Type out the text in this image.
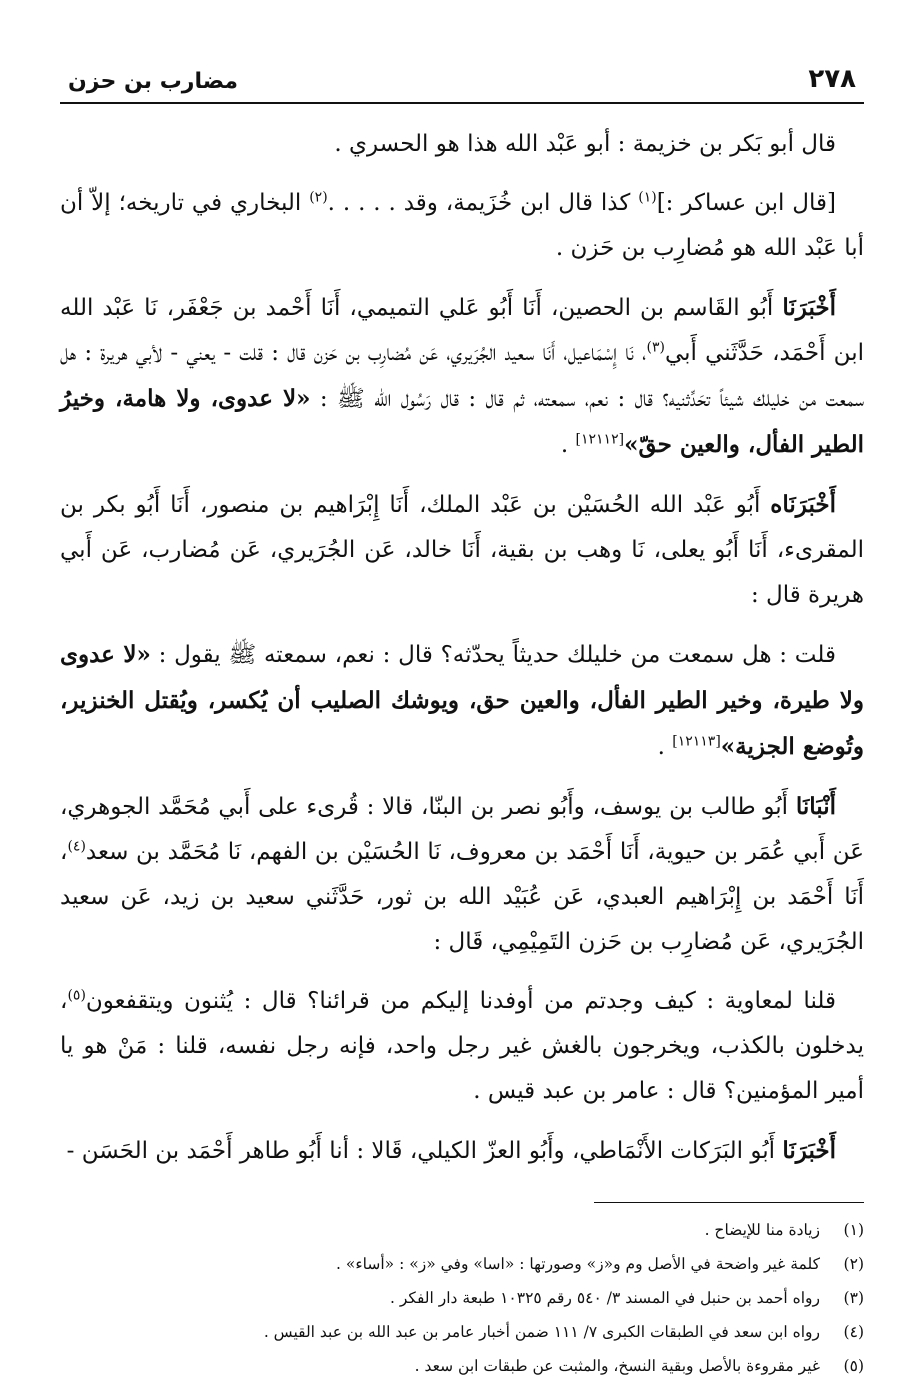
٢٧٨
مضارب بن حزن

قال أبو بَكر بن خزيمة : أبو عَبْد الله هذا هو الحسري .

[قال ابن عساكر :]$^{(١)}$ كذا قال ابن خُزَيمة، وقد . . . . .$^{(٢)}$ البخاري في تاريخه؛ إلاّ أن أبا عَبْد الله هو مُضارِب بن حَزن .

أَخْبَرَنَا أَبُو القَاسم بن الحصين، أَنَا أَبُو عَلي التميمي، أَنَا أَحْمد بن جَعْفَر، نَا عَبْد الله ابن أَحْمَد، حَدَّثَني أَبي$^{(٣)}$، نَا إِسْمَاعيل، أَنَا سعيد الجُرَيري، عَن مُضارِب بن حَزن قال : قلت - يعني - لأبي هريرة : هل سمعت من خليلك شيئاً تحَدِّثنيه؟ قال : نعم، سمعته، ثم قال : قال رَسُول الله ﷺ : «لا عدوى، ولا هامة، وخيرُ الطير الفأل، والعين حقّ»[١٢١١٢] .

أَخْبَرَنَاه أَبُو عَبْد الله الحُسَيْن بن عَبْد الملك، أَنَا إِبْرَاهيم بن منصور، أَنَا أَبُو بكر بن المقرىء، أَنَا أَبُو يعلى، نَا وهب بن بقية، أَنَا خالد، عَن الجُرَيري، عَن مُضارب، عَن أَبي هريرة قال :

قلت : هل سمعت من خليلك حديثاً يحدّثه؟ قال : نعم، سمعته ﷺ يقول : «لا عدوى ولا طيرة، وخير الطير الفأل، والعين حق، ويوشك الصليب أن يُكسر، ويُقتل الخنزير، وتُوضع الجزية»[١٢١١٣] .

أَنْبَانَا أَبُو طالب بن يوسف، وأَبُو نصر بن البنّا، قالا : قُرىء على أَبي مُحَمَّد الجوهري، عَن أَبي عُمَر بن حيوية، أَنَا أَحْمَد بن معروف، نَا الحُسَيْن بن الفهم، نَا مُحَمَّد بن سعد$^{(٤)}$، أَنَا أَحْمَد بن إِبْرَاهيم العبدي، عَن عُبَيْد الله بن ثور، حَدَّثَني سعيد بن زيد، عَن سعيد الجُرَيري، عَن مُضارِب بن حَزن التَمِيْمِي، قَال :

قلنا لمعاوية : كيف وجدتم من أوفدنا إليكم من قرائنا؟ قال : يُثنون ويتقفعون$^{(٥)}$، يدخلون بالكذب، ويخرجون بالغش غير رجل واحد، فإنه رجل نفسه، قلنا : مَنْ هو يا أمير المؤمنين؟ قال : عامر بن عبد قيس .

أَخْبَرَنَا أَبُو البَرَكات الأَنْمَاطي، وأَبُو العزّ الكيلي، قَالا : أنا أَبُو طاهر أَحْمَد بن الحَسَن -

(١)
زيادة منا للإيضاح .
(٢)
كلمة غير واضحة في الأصل وم و«ز» وصورتها : «اسا» وفي «ز» : «أساء» .
(٣)
رواه أحمد بن حنبل في المسند ٣/ ٥٤٠ رقم ١٠٣٢٥ طبعة دار الفكر .
(٤)
رواه ابن سعد في الطبقات الكبرى ٧/ ١١١ ضمن أخبار عامر بن عبد الله بن عبد القيس .
(٥)
غير مقروءة بالأصل وبقية النسخ، والمثبت عن طبقات ابن سعد .
